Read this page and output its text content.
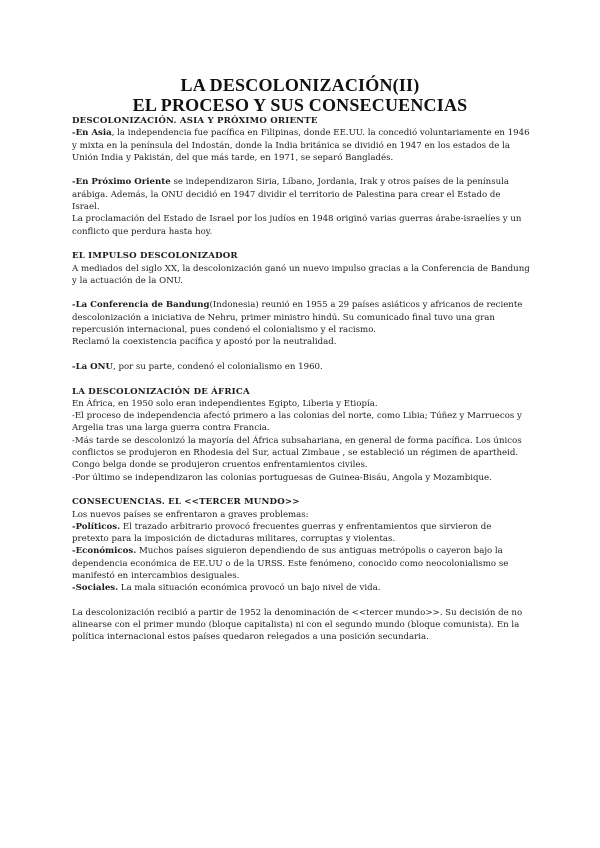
LA DESCOLONIZACIÓN(II)
EL PROCESO Y SUS CONSECUENCIAS

DESCOLONIZACIÓN. ASIA Y PRÓXIMO ORIENTE

-En Asia, la independencia fue pacífica en Filipinas, donde EE.UU. la concedió voluntariamente en 1946 y mixta en la península del Indostán, donde la India británica se dividió en 1947 en los estados de la Unión India y Pakistán, del que más tarde, en 1971, se separó Bangladés.

-En Próximo Oriente se independizaron Siria, Líbano, Jordania, Irak y otros países de la península arábiga. Además, la ONU decidió en 1947 dividir el territorio de Palestina para crear el Estado de Israel.

La proclamación del Estado de Israel por los judíos en 1948 originó varias guerras árabe-israelíes y un conflicto que perdura hasta hoy.

EL IMPULSO DESCOLONIZADOR

A mediados del siglo XX, la descolonización ganó un nuevo impulso gracias a la Conferencia de Bandung y la actuación de la ONU.

-La Conferencia de Bandung(Indonesia) reunió en 1955 a 29 países asiáticos y africanos de reciente descolonización a iniciativa de Nehru, primer ministro hindú. Su comunicado final tuvo una gran repercusión internacional, pues condenó el colonialismo y el racismo.

Reclamó la coexistencia pacífica y apostó por la neutralidad.

-La ONU, por su parte, condenó el colonialismo en 1960.

LA DESCOLONIZACIÓN DE ÁFRICA

En África, en 1950 solo eran independientes Egipto, Liberia y Etiopía.

-El proceso de independencia afectó primero a las colonias del norte, como Libia; Túñez y Marruecos y Argelia tras una larga guerra contra Francia.

-Más tarde se descolonizó la mayoría del África subsahariana, en general de forma pacífica. Los únicos conflictos se produjeron en Rhodesia del Sur, actual Zimbaue , se estableció un régimen de apartheid. Congo belga donde se produjeron cruentos enfrentamientos civiles.

-Por último se independizaron las colonias portuguesas de Guinea-Bisáu, Angola y Mozambique.

CONSECUENCIAS. EL <<TERCER MUNDO>>

Los nuevos países se enfrentaron a graves problemas:

-Políticos. El trazado arbitrario provocó frecuentes guerras y enfrentamientos que sirvieron de pretexto para la imposición de dictaduras militares, corruptas y violentas.

-Económicos. Muchos países siguieron dependiendo de sus antiguas metrópolis o cayeron bajo la dependencia económica de EE.UU o de la URSS. Este fenómeno, conocido como neocolonialismo se manifestó en intercambios desiguales.

-Sociales. La mala situación económica provocó un bajo nivel de vida.

La descolonización recibió a partir de 1952 la denominación de <<tercer mundo>>. Su decisión de no alinearse con el primer mundo (bloque capitalista) ni con el segundo mundo (bloque comunista). En la política internacional estos países quedaron relegados a una posición secundaria.
